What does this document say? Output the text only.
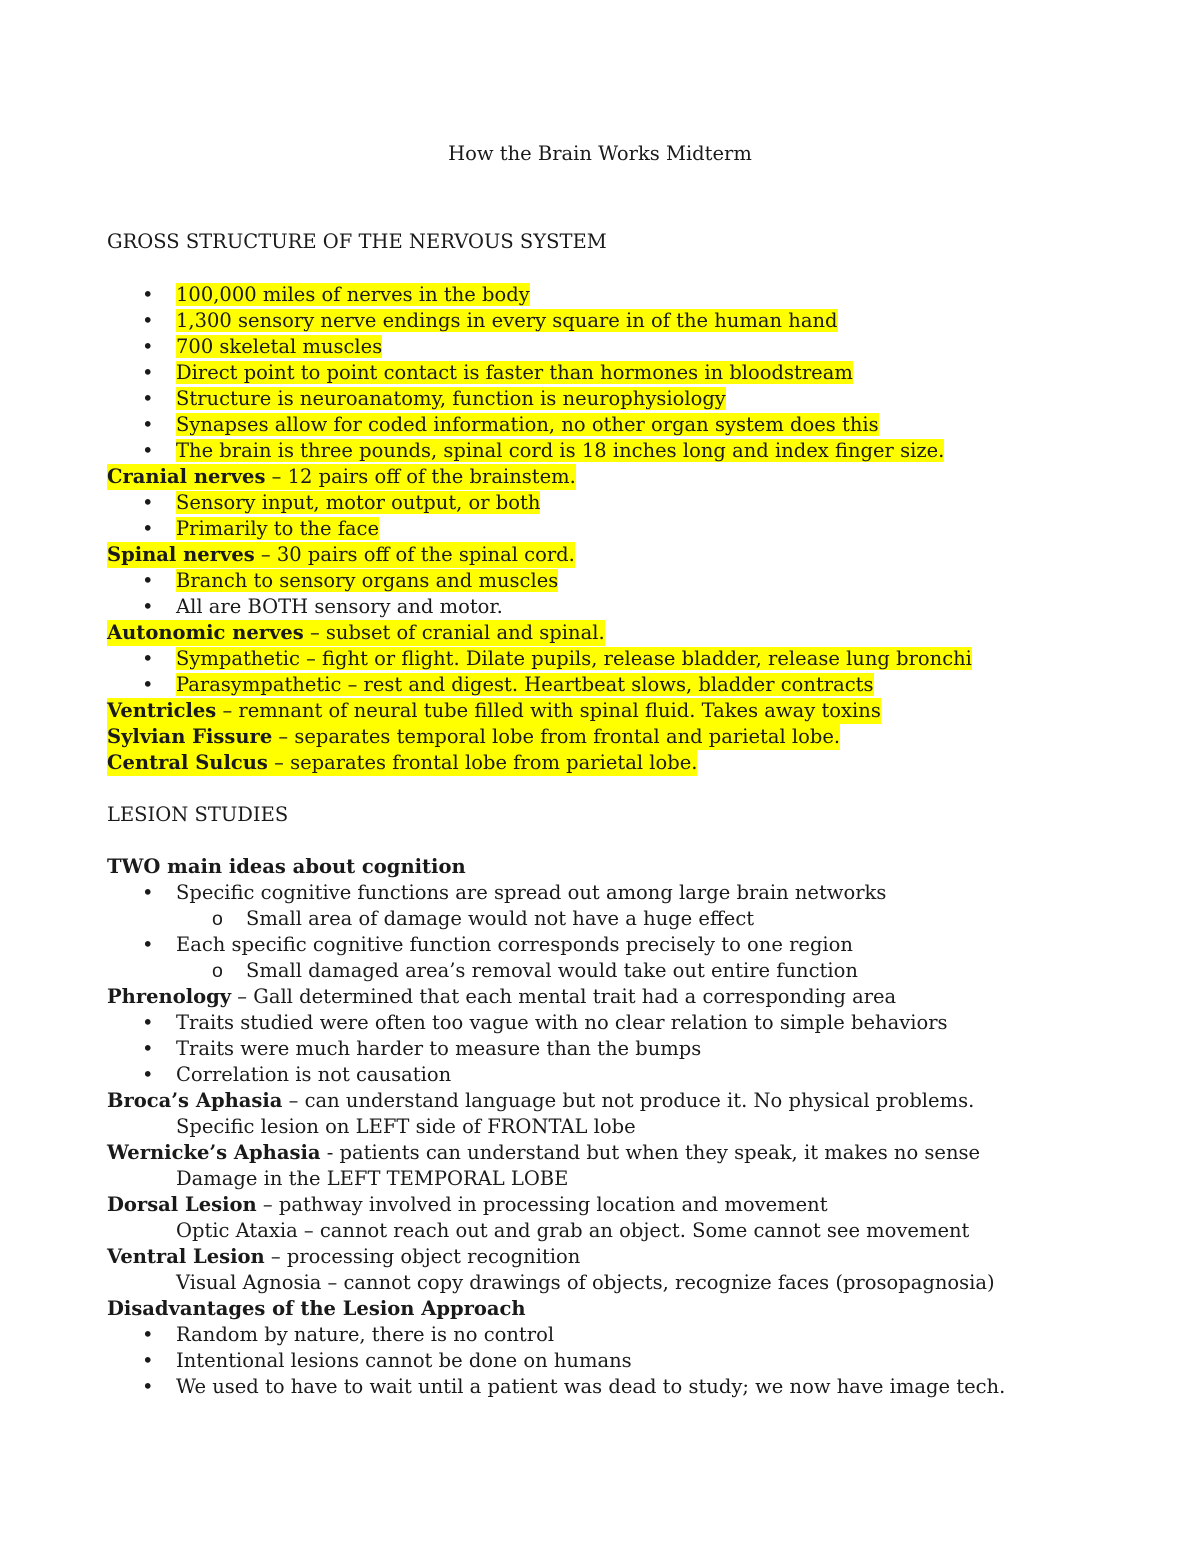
How the Brain Works Midterm
GROSS STRUCTURE OF THE NERVOUS SYSTEM
• 100,000 miles of nerves in the body
• 1,300 sensory nerve endings in every square in of the human hand
• 700 skeletal muscles
• Direct point to point contact is faster than hormones in bloodstream
• Structure is neuroanatomy, function is neurophysiology
• Synapses allow for coded information, no other organ system does this
• The brain is three pounds, spinal cord is 18 inches long and index finger size.
Cranial nerves – 12 pairs off of the brainstem.
• Sensory input, motor output, or both
• Primarily to the face
Spinal nerves – 30 pairs off of the spinal cord.
• Branch to sensory organs and muscles
• All are BOTH sensory and motor.
Autonomic nerves – subset of cranial and spinal.
• Sympathetic – fight or flight. Dilate pupils, release bladder, release lung bronchi
• Parasympathetic – rest and digest. Heartbeat slows, bladder contracts
Ventricles – remnant of neural tube filled with spinal fluid. Takes away toxins
Sylvian Fissure – separates temporal lobe from frontal and parietal lobe.
Central Sulcus – separates frontal lobe from parietal lobe.
LESION STUDIES
TWO main ideas about cognition
• Specific cognitive functions are spread out among large brain networks
o Small area of damage would not have a huge effect
• Each specific cognitive function corresponds precisely to one region
o Small damaged area’s removal would take out entire function
Phrenology – Gall determined that each mental trait had a corresponding area
• Traits studied were often too vague with no clear relation to simple behaviors
• Traits were much harder to measure than the bumps
• Correlation is not causation
Broca’s Aphasia – can understand language but not produce it. No physical problems.
Specific lesion on LEFT side of FRONTAL lobe
Wernicke’s Aphasia - patients can understand but when they speak, it makes no sense
Damage in the LEFT TEMPORAL LOBE
Dorsal Lesion – pathway involved in processing location and movement
Optic Ataxia – cannot reach out and grab an object. Some cannot see movement
Ventral Lesion – processing object recognition
Visual Agnosia – cannot copy drawings of objects, recognize faces (prosopagnosia)
Disadvantages of the Lesion Approach
• Random by nature, there is no control
• Intentional lesions cannot be done on humans
• We used to have to wait until a patient was dead to study; we now have image tech.
